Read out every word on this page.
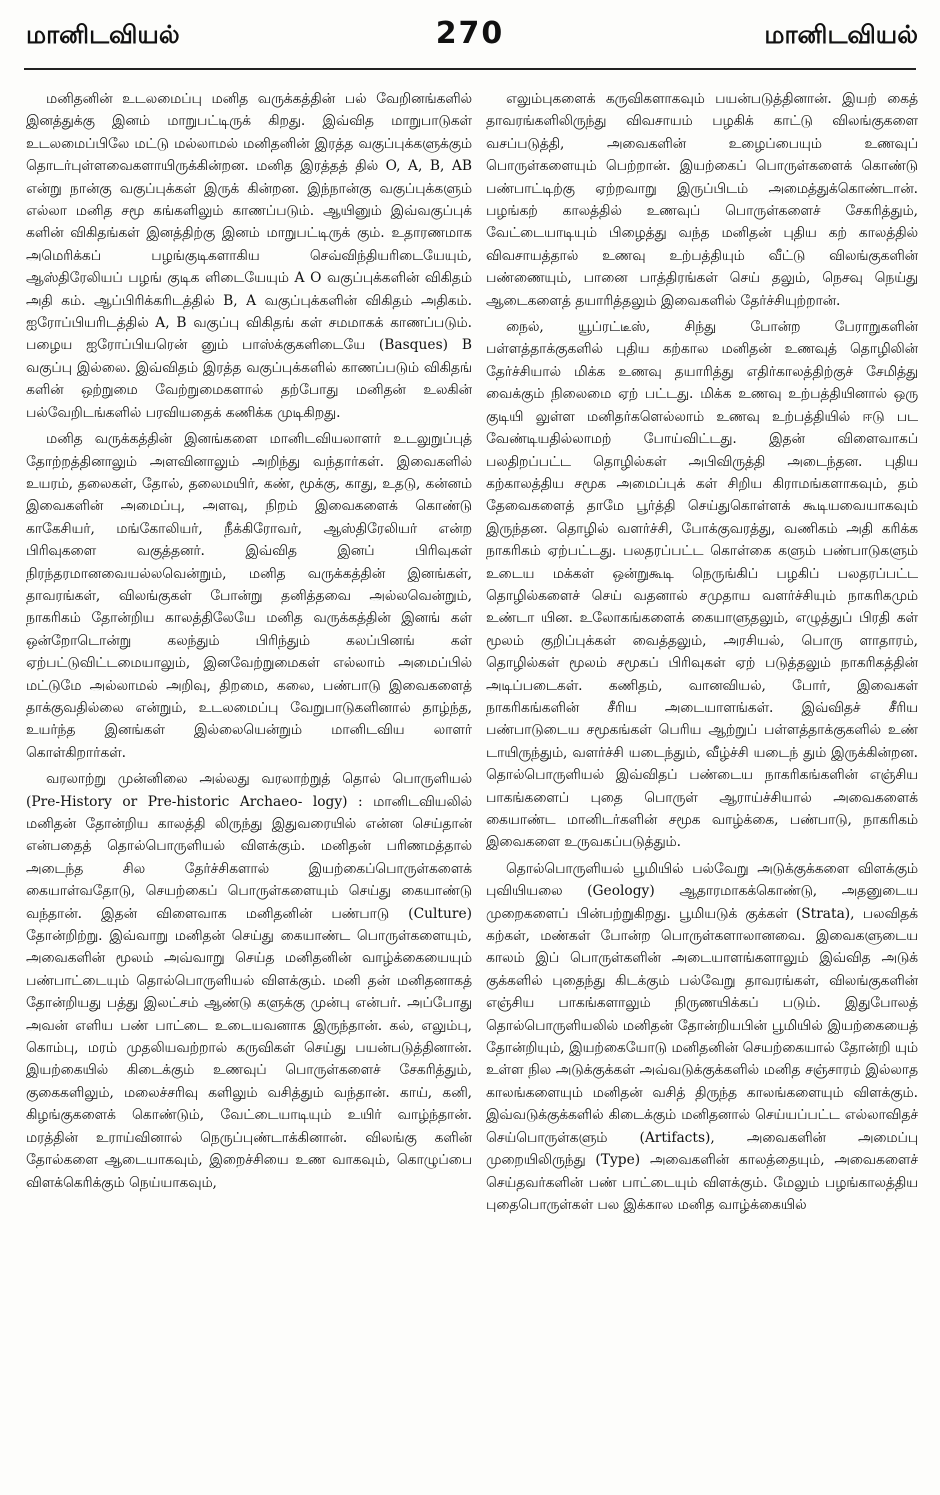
மானிடவியல்	270	மானிடவியல்

மனிதனின் உடலமைப்பு மனித வருக்கத்தின் பல் வேறினங்களில் இனத்துக்கு இனம் மாறுபட்டிருக் கிறது. இவ்வித மாறுபாடுகள் உடலமைப்பிலே மட்டு மல்லாமல் மனிதனின் இரத்த வகுப்புக்களுக்கும் தொடர்புள்ளவைகளாயிருக்கின்றன. மனித இரத்தத் தில் O, A, B, AB என்று நான்கு வகுப்புக்கள் இருக் கின்றன. இந்நான்கு வகுப்புக்களும் எல்லா மனித சமூ கங்களிலும் காணப்படும். ஆயினும் இவ்வகுப்புக் களின் விகிதங்கள் இனத்திற்கு இனம் மாறுபட்டிருக் கும். உதாரணமாக அமெரிக்கப் பழங்குடிகளாகிய செவ்விந்தியரிடையேயும், ஆஸ்திரேலியப் பழங் குடிக ளிடையேயும் A O வகுப்புக்களின் விகிதம் அதி கம். ஆப்பிரிக்கரிடத்தில் B, A வகுப்புக்களின் விகிதம் அதிகம். ஐரோப்பியரிடத்தில் A, B வகுப்பு விகிதங் கள் சமமாகக் காணப்படும். பழைய ஐரோப்பியரென் னும் பாஸ்க்குகளிடையே (Basques) B வகுப்பு இல்லை. இவ்விதம் இரத்த வகுப்புக்களில் காணப்படும் விகிதங் களின் ஒற்றுமை வேற்றுமைகளால் தற்போது மனிதன் உலகின் பல்வேறிடங்களில் பரவியதைக் கணிக்க முடிகிறது.

மனித வருக்கத்தின் இனங்களை மானிடவியலாளர் உடலுறுப்புத் தோற்றத்தினாலும் அளவினாலும் அறிந்து வந்தார்கள். இவைகளில் உயரம், தலைகள், தோல், தலைமயிர், கண், மூக்கு, காது, உதடு, கன்னம் இவைகளின் அமைப்பு, அளவு, நிறம் இவைகளைக் கொண்டு காகேசியர், மங்கோலியர், நீக்கிரோவர், ஆஸ்திரேலியர் என்ற பிரிவுகளை வகுத்தனர். இவ்வித இனப் பிரிவுகள் நிரந்தரமானவையல்லவென்றும், மனித வருக்கத்தின் இனங்கள், தாவரங்கள், விலங்குகள் போன்று தனித்தவை அல்லவென்றும், நாகரிகம் தோன்றிய காலத்திலேயே மனித வருக்கத்தின் இனங் கள் ஒன்றோடொன்று கலந்தும் பிரிந்தும் கலப்பினங் கள் ஏற்பட்டுவிட்டமையாலும், இனவேற்றுமைகள் எல்லாம் அமைப்பில் மட்டுமே அல்லாமல் அறிவு, திறமை, கலை, பண்பாடு இவைகளைத் தாக்குவதில்லை என்றும், உடலமைப்பு வேறுபாடுகளினால் தாழ்ந்த, உயர்ந்த இனங்கள் இல்லையென்றும் மானிடவிய லாளர் கொள்கிறார்கள்.

வரலாற்று முன்னிலை அல்லது வரலாற்றுத் தொல் பொருளியல் (Pre-History or Pre-historic Archaeo- logy) : மானிடவியலில் மனிதன் தோன்றிய காலத்தி லிருந்து இதுவரையில் என்ன செய்தான் என்பதைத் தொல்பொருளியல் விளக்கும். மனிதன் பரிணமத்தால் அடைந்த சில தேர்ச்சிகளால் இயற்கைப்பொருள்களைக் கையாள்வதோடு, செயற்கைப் பொருள்களையும் செய்து கையாண்டு வந்தான். இதன் விளைவாக மனிதனின் பண்பாடு (Culture) தோன்றிற்று. இவ்வாறு மனிதன் செய்து கையாண்ட பொருள்களையும், அவைகளின் மூலம் அவ்வாறு செய்த மனிதனின் வாழ்க்கையையும் பண்பாட்டையும் தொல்பொருளியல் விளக்கும். மனி தன் மனிதனாகத் தோன்றியது பத்து இலட்சம் ஆண்டு களுக்கு முன்பு என்பர். அப்போது அவன் எளிய பண் பாட்டை உடையவனாக இருந்தான். கல், எலும்பு, கொம்பு, மரம் முதலியவற்றால் கருவிகள் செய்து பயன்படுத்தினான். இயற்கையில் கிடைக்கும் உணவுப் பொருள்களைச் சேகரித்தும், குகைகளிலும், மலைச்சரிவு களிலும் வசித்தும் வந்தான். காய், கனி, கிழங்குகளைக் கொண்டும், வேட்டையாடியும் உயிர் வாழ்ந்தான். மரத்தின் உராய்வினால் நெருப்புண்டாக்கினான். விலங்கு களின் தோல்களை ஆடையாகவும், இறைச்சியை உண வாகவும், கொழுப்பை விளக்கெரிக்கும் நெய்யாகவும்,

எலும்புகளைக் கருவிகளாகவும் பயன்படுத்தினான். இயற் கைத் தாவரங்களிலிருந்து விவசாயம் பழகிக் காட்டு விலங்குகளை வசப்படுத்தி, அவைகளின் உழைப்பையும் உணவுப் பொருள்களையும் பெற்றான். இயற்கைப் பொருள்களைக் கொண்டு பண்பாட்டிற்கு ஏற்றவாறு இருப்பிடம் அமைத்துக்கொண்டான். பழங்கற் காலத்தில் உணவுப் பொருள்களைச் சேகரித்தும், வேட்டையாடியும் பிழைத்து வந்த மனிதன் புதிய கற் காலத்தில் விவசாயத்தால் உணவு உற்பத்தியும் வீட்டு விலங்குகளின் பண்ணையும், பானை பாத்திரங்கள் செய் தலும், நெசவு நெய்து ஆடைகளைத் தயாரித்தலும் இவைகளில் தேர்ச்சியுற்றான்.

நைல், யூப்ரட்டீஸ், சிந்து போன்ற பேராறுகளின் பள்ளத்தாக்குகளில் புதிய கற்கால மனிதன் உணவுத் தொழிலின் தேர்ச்சியால் மிக்க உணவு தயாரித்து எதிர்காலத்திற்குச் சேமித்து வைக்கும் நிலைமை ஏற் பட்டது. மிக்க உணவு உற்பத்தியினால் ஒரு குடியி லுள்ள மனிதர்களெல்லாம் உணவு உற்பத்தியில் ஈடு பட வேண்டியதில்லாமற் போய்விட்டது. இதன் விளைவாகப் பலதிறப்பட்ட தொழில்கள் அபிவிருத்தி அடைந்தன. புதிய கற்காலத்திய சமூக அமைப்புக் கள் சிறிய கிராமங்களாகவும், தம் தேவைகளைத் தாமே பூர்த்தி செய்துகொள்ளக் கூடியவையாகவும் இருந்தன. தொழில் வளர்ச்சி, போக்குவரத்து, வணிகம் அதி கரிக்க நாகரிகம் ஏற்பட்டது. பலதரப்பட்ட கொள்கை களும் பண்பாடுகளும் உடைய மக்கள் ஒன்றுகூடி நெருங்கிப் பழகிப் பலதரப்பட்ட தொழில்களைச் செய் வதனால் சமுதாய வளர்ச்சியும் நாகரிகமும் உண்டா யின. உலோகங்களைக் கையாளுதலும், எழுத்துப் பிரதி கள் மூலம் குறிப்புக்கள் வைத்தலும், அரசியல், பொரு ளாதாரம், தொழில்கள் மூலம் சமூகப் பிரிவுகள் ஏற் படுத்தலும் நாகரிகத்தின் அடிப்படைகள். கணிதம், வானவியல், போர், இவைகள் நாகரிகங்களின் சீரிய அடையாளங்கள். இவ்விதச் சீரிய பண்பாடுடைய சமூகங்கள் பெரிய ஆற்றுப் பள்ளத்தாக்குகளில் உண் டாயிருந்தும், வளர்ச்சி யடைந்தும், வீழ்ச்சி யடைந் தும் இருக்கின்றன. தொல்பொருளியல் இவ்விதப் பண்டைய நாகரிகங்களின் எஞ்சிய பாகங்களைப் புதை பொருள் ஆராய்ச்சியால் அவைகளைக் கையாண்ட மானிடர்களின் சமூக வாழ்க்கை, பண்பாடு, நாகரிகம் இவைகளை உருவகப்படுத்தும்.

தொல்பொருளியல் பூமியில் பல்வேறு அடுக்குக்களை விளக்கும் புவியியலை (Geology) ஆதாரமாகக்கொண்டு, அதனுடைய முறைகளைப் பின்பற்றுகிறது. பூமியடுக் குக்கள் (Strata), பலவிதக் கற்கள், மண்கள் போன்ற பொருள்களாலானவை. இவைகளுடைய காலம் இப் பொருள்களின் அடையாளங்களாலும் இவ்வித அடுக் குக்களில் புதைந்து கிடக்கும் பல்வேறு தாவரங்கள், விலங்குகளின் எஞ்சிய பாகங்களாலும் நிருணயிக்கப் படும். இதுபோலத் தொல்பொருளியலில் மனிதன் தோன்றியபின் பூமியில் இயற்கையைத் தோன்றியும், இயற்கையோடு மனிதனின் செயற்கையால் தோன்றி யும் உள்ள நில அடுக்குக்கள் அவ்வடுக்குக்களில் மனித சஞ்சாரம் இல்லாத காலங்களையும் மனிதன் வசித் திருந்த காலங்களையும் விளக்கும். இவ்வடுக்குக்களில் கிடைக்கும் மனிதனால் செய்யப்பட்ட எல்லாவிதச் செய்பொருள்களும் (Artifacts), அவைகளின் அமைப்பு முறையிலிருந்து (Type) அவைகளின் காலத்தையும், அவைகளைச் செய்தவர்களின் பண் பாட்டையும் விளக்கும். மேலும் பழங்காலத்திய புதைபொருள்கள் பல இக்கால மனித வாழ்க்கையில்
